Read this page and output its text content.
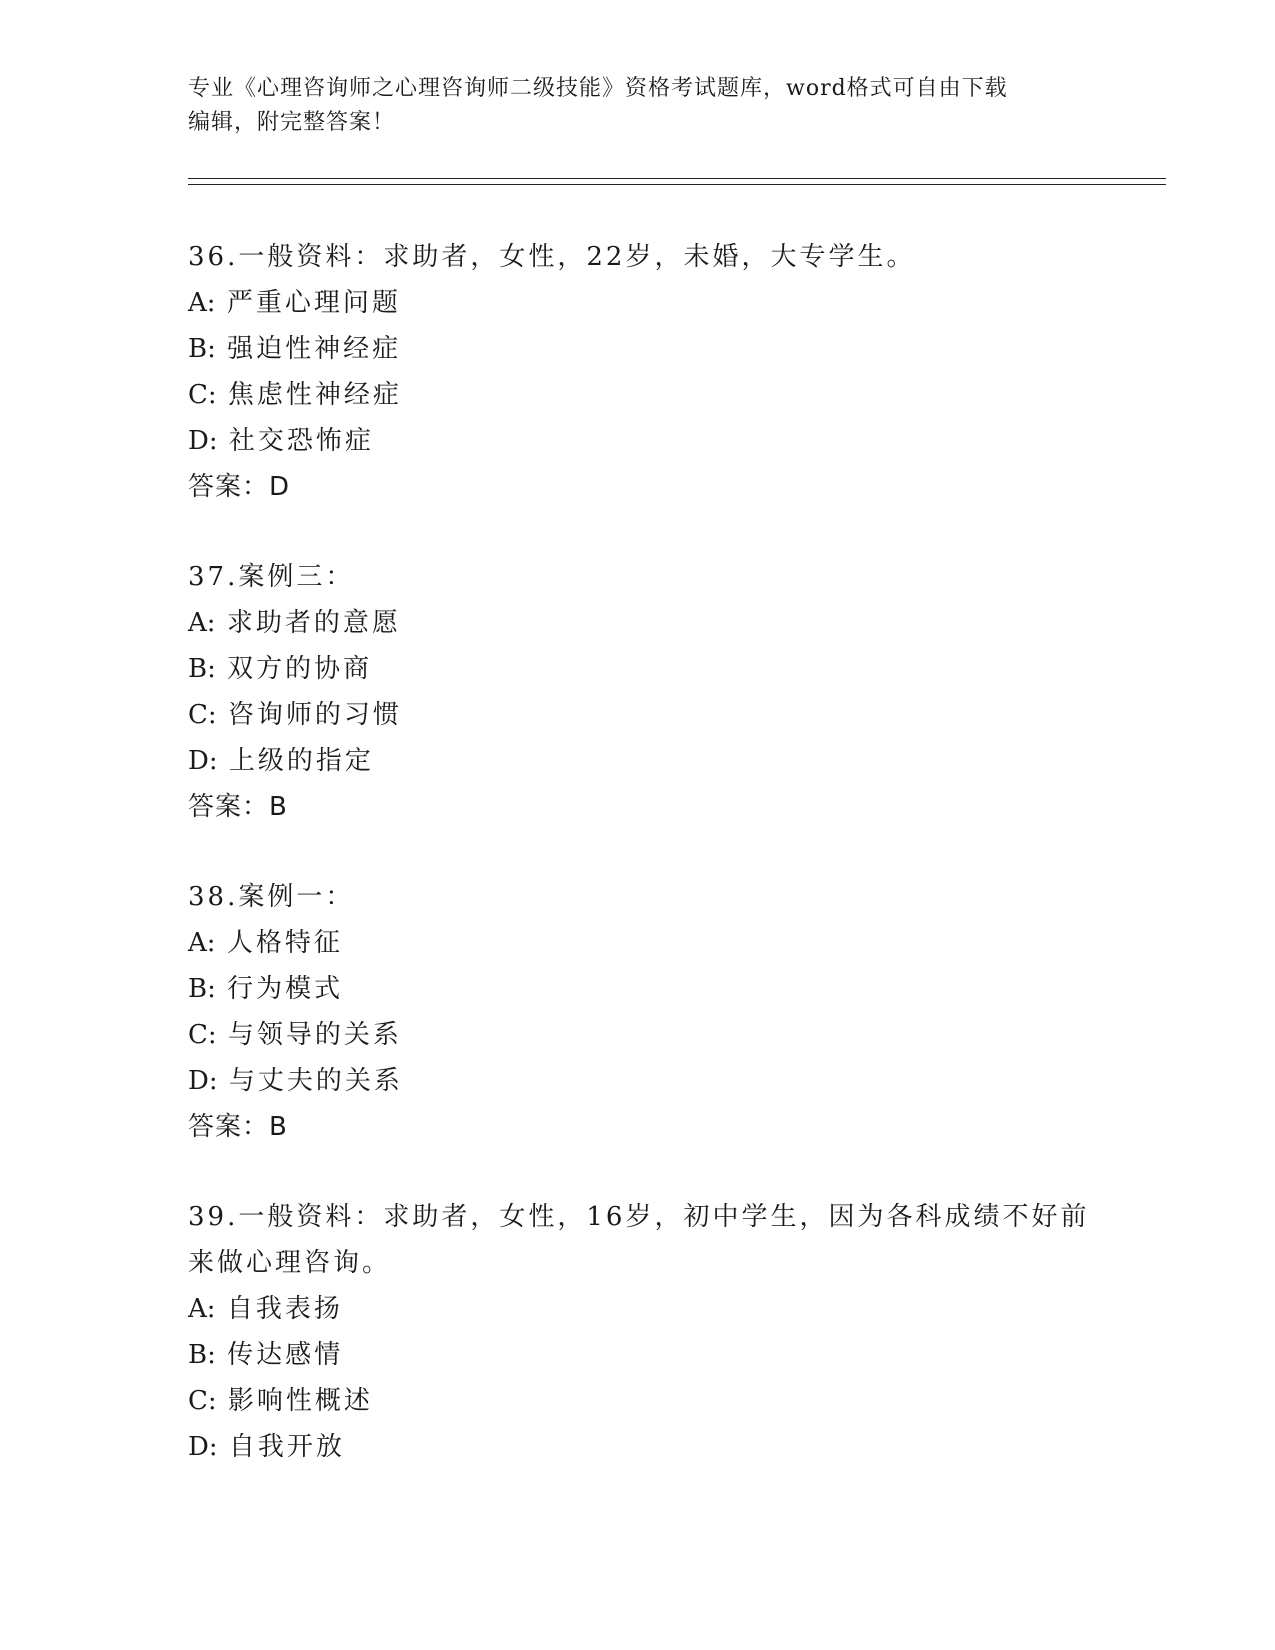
专业《心理咨询师之心理咨询师二级技能》资格考试题库，word格式可自由下载

编辑，附完整答案！

36.一般资料：求助者，女性，22岁，未婚，大专学生。

A: 严重心理问题

B: 强迫性神经症

C: 焦虑性神经症

D: 社交恐怖症

答案：D

37.案例三：

A: 求助者的意愿

B: 双方的协商

C: 咨询师的习惯

D: 上级的指定

答案：B

38.案例一：

A: 人格特征

B: 行为模式

C: 与领导的关系

D: 与丈夫的关系

答案：B

39.一般资料：求助者，女性，16岁，初中学生，因为各科成绩不好前来做心理咨询。

A: 自我表扬

B: 传达感情

C: 影响性概述

D: 自我开放
